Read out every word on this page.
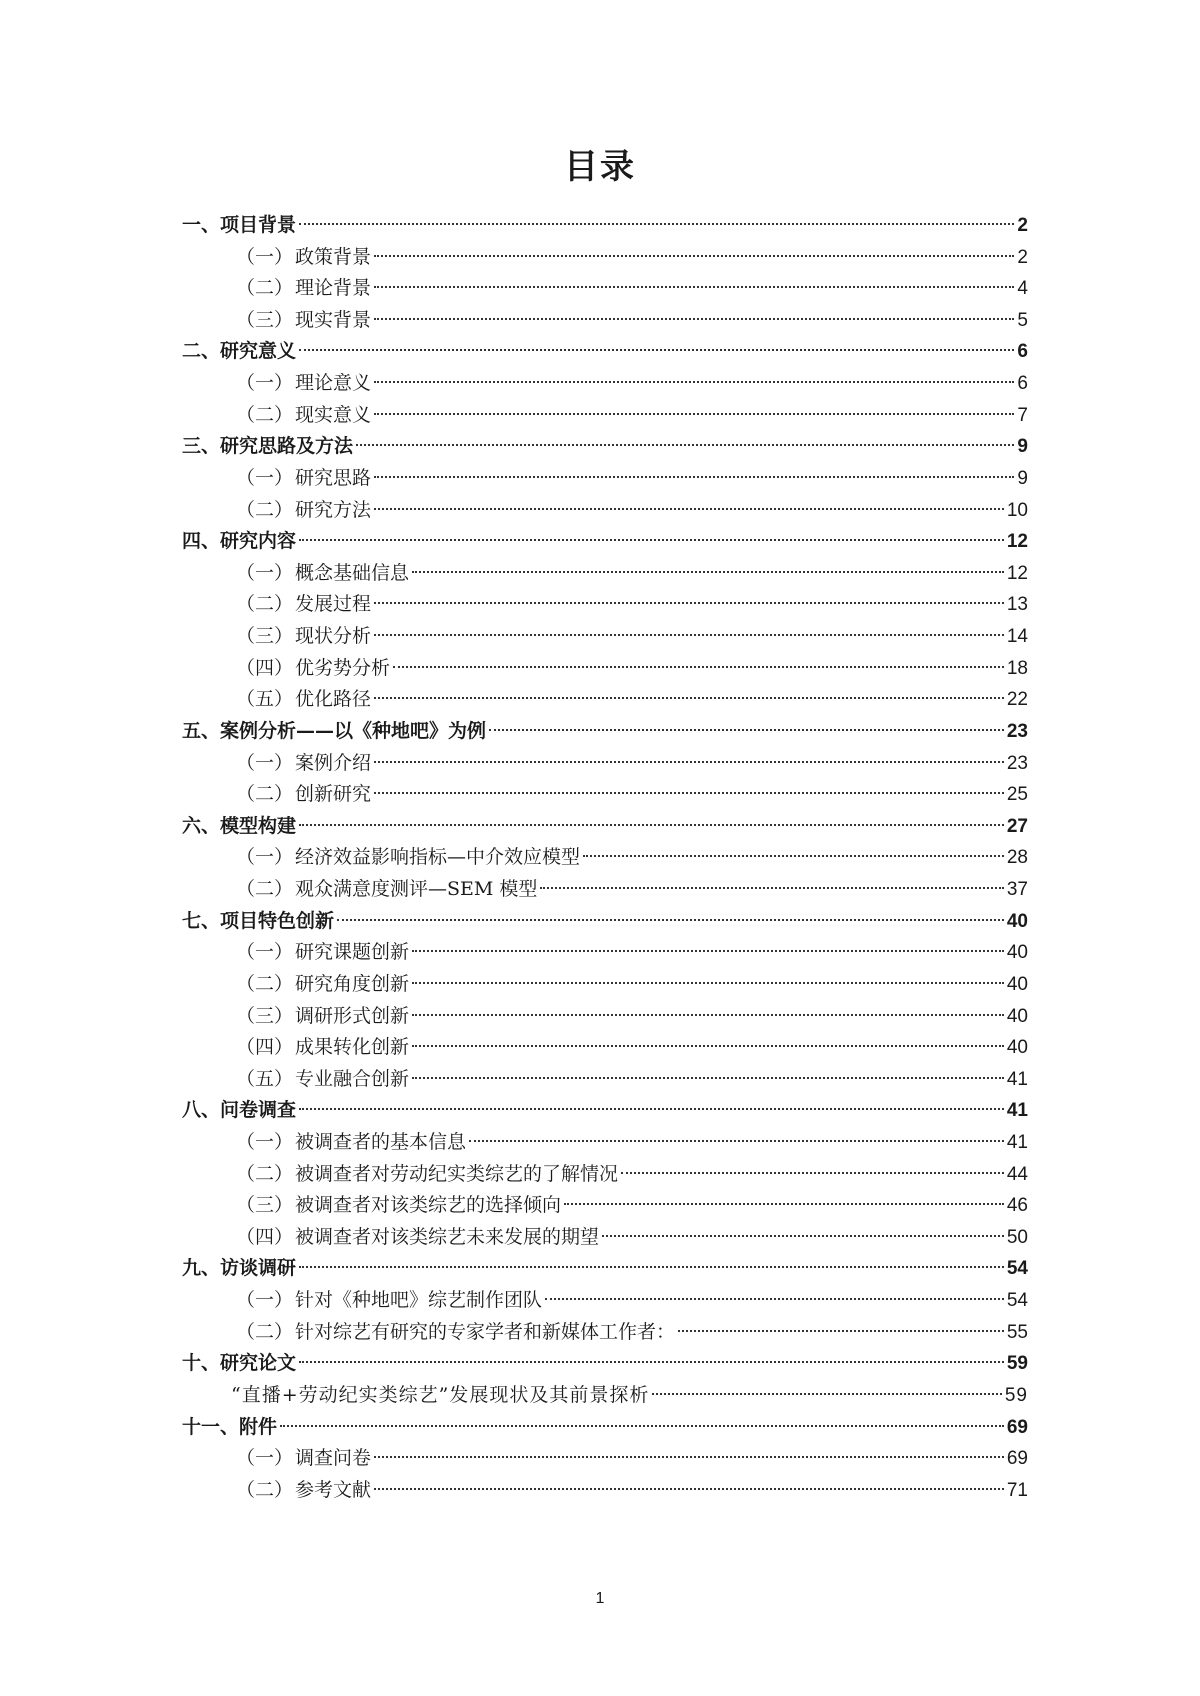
目录
一、项目背景	2
（一） 政策背景	2
（二） 理论背景	4
（三） 现实背景	5
二、研究意义	6
（一） 理论意义	6
（二） 现实意义	7
三、研究思路及方法	9
（一） 研究思路	9
（二） 研究方法	10
四、研究内容	12
（一） 概念基础信息	12
（二） 发展过程	13
（三） 现状分析	14
（四） 优劣势分析	18
（五） 优化路径	22
五、案例分析——以《种地吧》为例	23
（一） 案例介绍	23
（二） 创新研究	25
六、模型构建	27
（一） 经济效益影响指标—中介效应模型	28
（二） 观众满意度测评—SEM 模型	37
七、项目特色创新	40
（一） 研究课题创新	40
（二） 研究角度创新	40
（三） 调研形式创新	40
（四） 成果转化创新	40
（五） 专业融合创新	41
八、问卷调查	41
（一） 被调查者的基本信息	41
（二） 被调查者对劳动纪实类综艺的了解情况	44
（三） 被调查者对该类综艺的选择倾向	46
（四） 被调查者对该类综艺未来发展的期望	50
九、访谈调研	54
（一） 针对《种地吧》综艺制作团队	54
（二） 针对综艺有研究的专家学者和新媒体工作者：	55
十、研究论文	59
“直播+劳动纪实类综艺”发展现状及其前景探析	59
十一、附件	69
（一） 调查问卷	69
（二） 参考文献	71
1
